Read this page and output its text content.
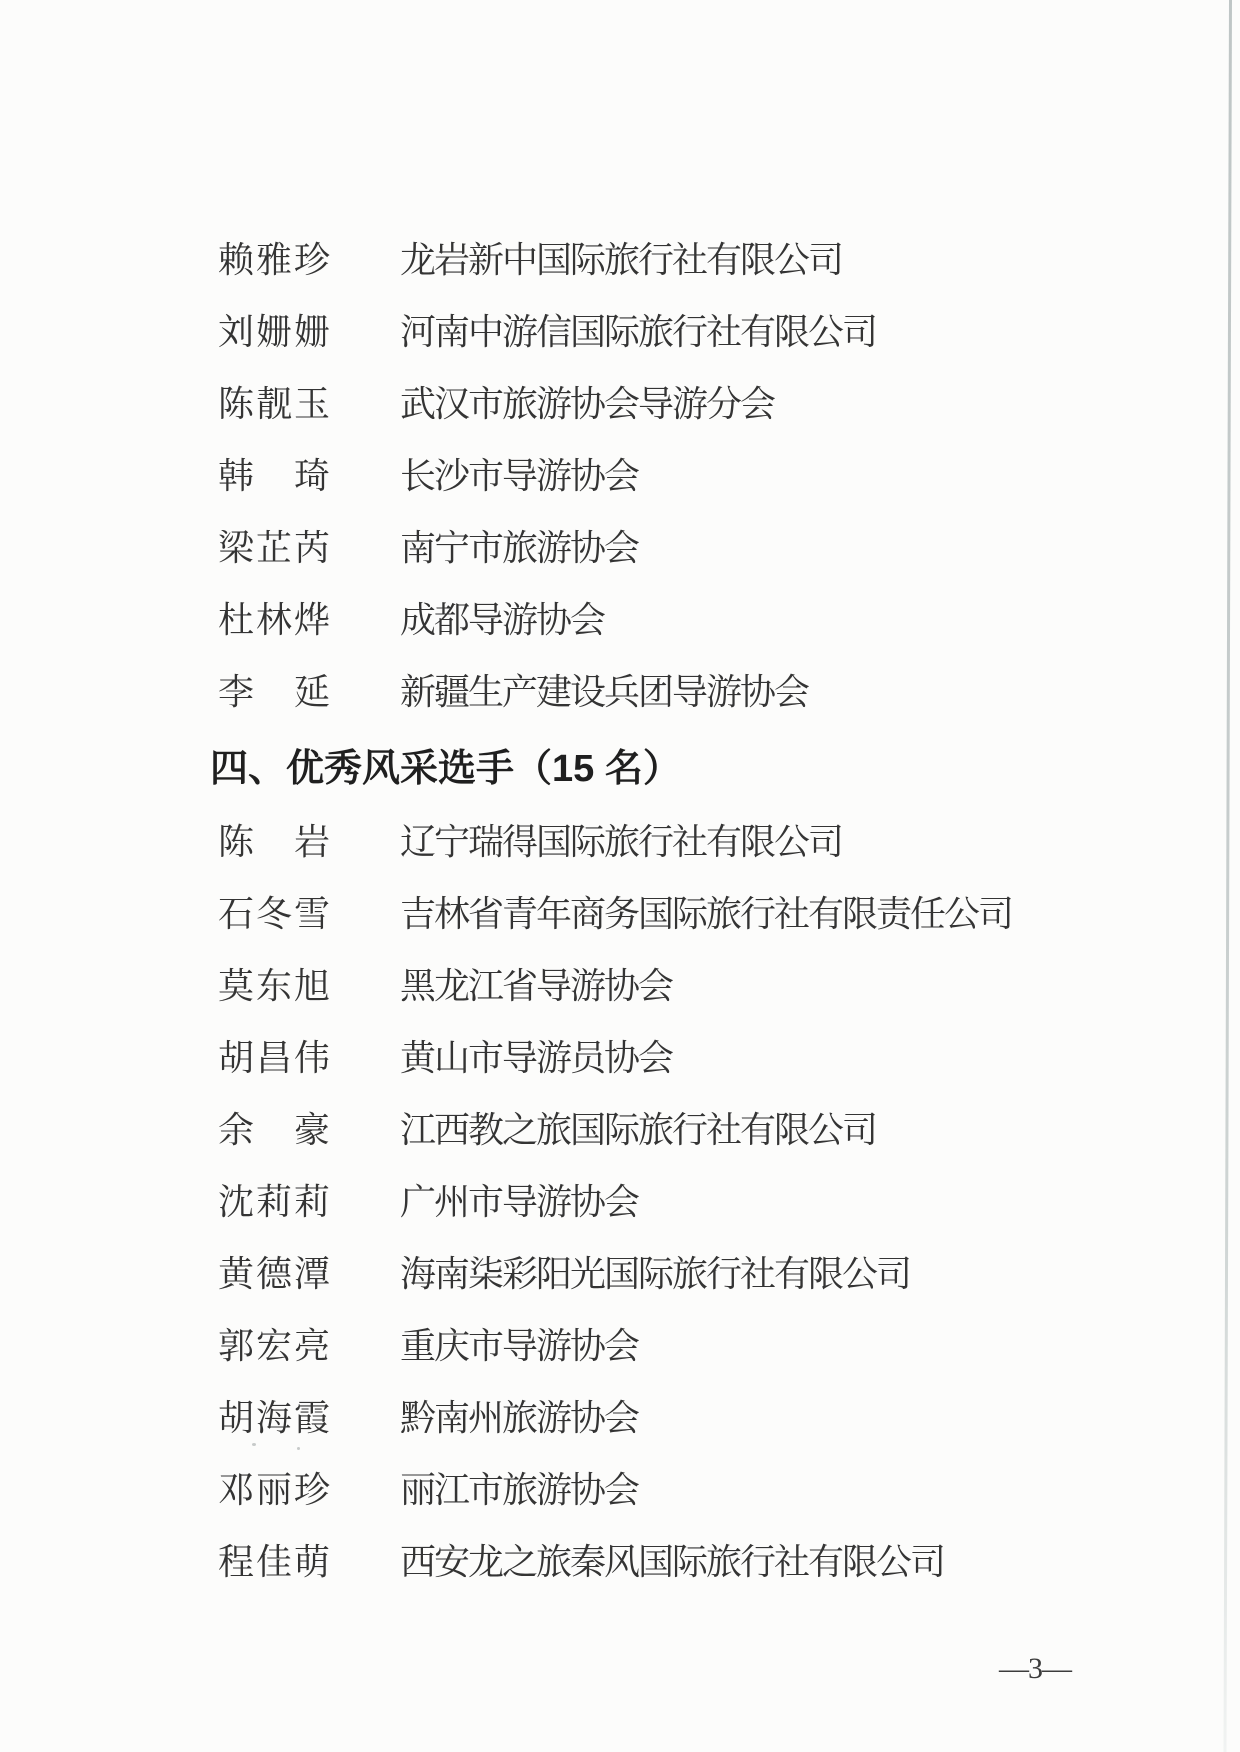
赖雅珍	龙岩新中国际旅行社有限公司
刘姗姗	河南中游信国际旅行社有限公司
陈靓玉	武汉市旅游协会导游分会
韩　琦	长沙市导游协会
梁芷芮	南宁市旅游协会
杜林烨	成都导游协会
李　延	新疆生产建设兵团导游协会
四、优秀风采选手（15 名）
陈　岩	辽宁瑞得国际旅行社有限公司
石冬雪	吉林省青年商务国际旅行社有限责任公司
莫东旭	黑龙江省导游协会
胡昌伟	黄山市导游员协会
余　豪	江西教之旅国际旅行社有限公司
沈莉莉	广州市导游协会
黄德潭	海南柒彩阳光国际旅行社有限公司
郭宏亮	重庆市导游协会
胡海霞	黔南州旅游协会
邓丽珍	丽江市旅游协会
程佳萌	西安龙之旅秦风国际旅行社有限公司
—3—
